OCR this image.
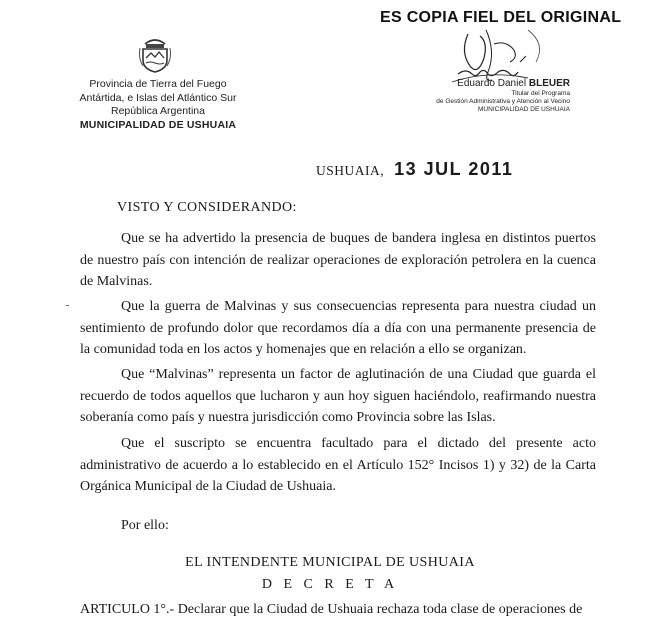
Provincia de Tierra del Fuego
Antártida, e Islas del Atlántico Sur
República Argentina
MUNICIPALIDAD DE USHUAIA
ES COPIA FIEL DEL ORIGINAL
Eduardo Daniel BLEUER
Titular del Programa
de Gestión Administrativa y Atención al Vecino
MUNICIPALIDAD DE USHUAIA
USHUAIA, 13 JUL 2011
VISTO Y CONSIDERANDO:
Que se ha advertido la presencia de buques de bandera inglesa en distintos puertos de nuestro país con intención de realizar operaciones de exploración petrolera en la cuenca de Malvinas.
Que la guerra de Malvinas y sus consecuencias representa para nuestra ciudad un sentimiento de profundo dolor que recordamos día a día con una permanente presencia de la comunidad toda en los actos y homenajes que en relación a ello se organizan.
Que “Malvinas” representa un factor de aglutinación de una Ciudad que guarda el recuerdo de todos aquellos que lucharon y aun hoy siguen haciéndolo, reafirmando nuestra soberanía como país y nuestra jurisdicción como Provincia sobre las Islas.
Que el suscripto se encuentra facultado para el dictado del presente acto administrativo de acuerdo a lo establecido en el Artículo 152° Incisos 1) y 32) de la Carta Orgánica Municipal de la Ciudad de Ushuaia.
Por ello:
EL INTENDENTE MUNICIPAL DE USHUAIA
D E C R E T A
ARTICULO 1°.- Declarar que la Ciudad de Ushuaia rechaza toda clase de operaciones de
